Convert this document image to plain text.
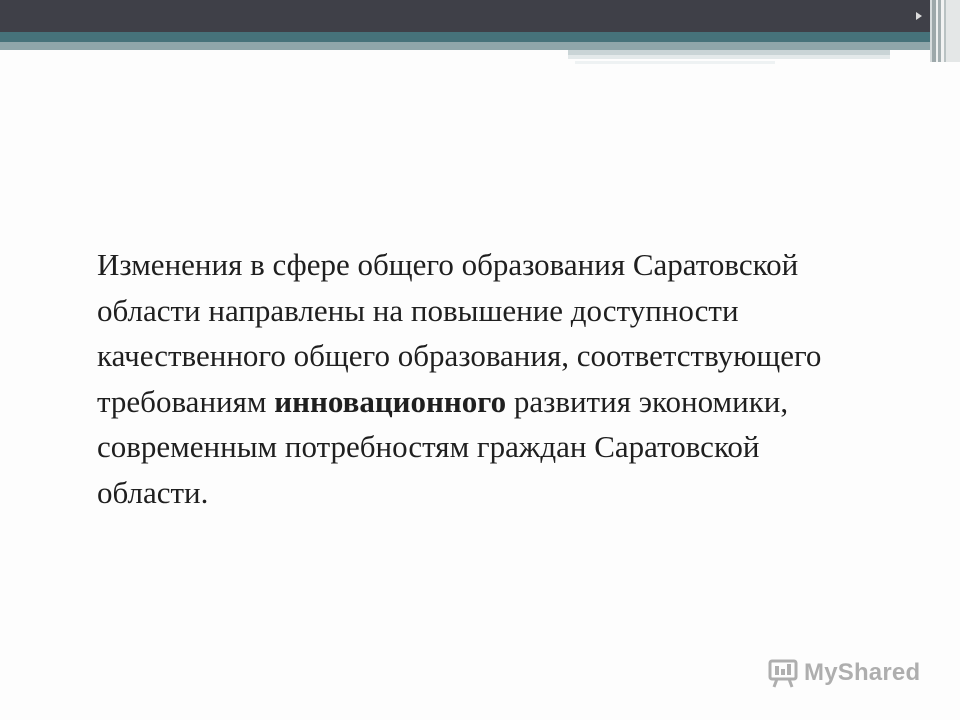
Изменения в сфере общего образования Саратовской области направлены на повышение доступности качественного общего образования, соответствующего требованиям инновационного развития экономики, современным потребностям граждан Саратовской области.

MyShared
